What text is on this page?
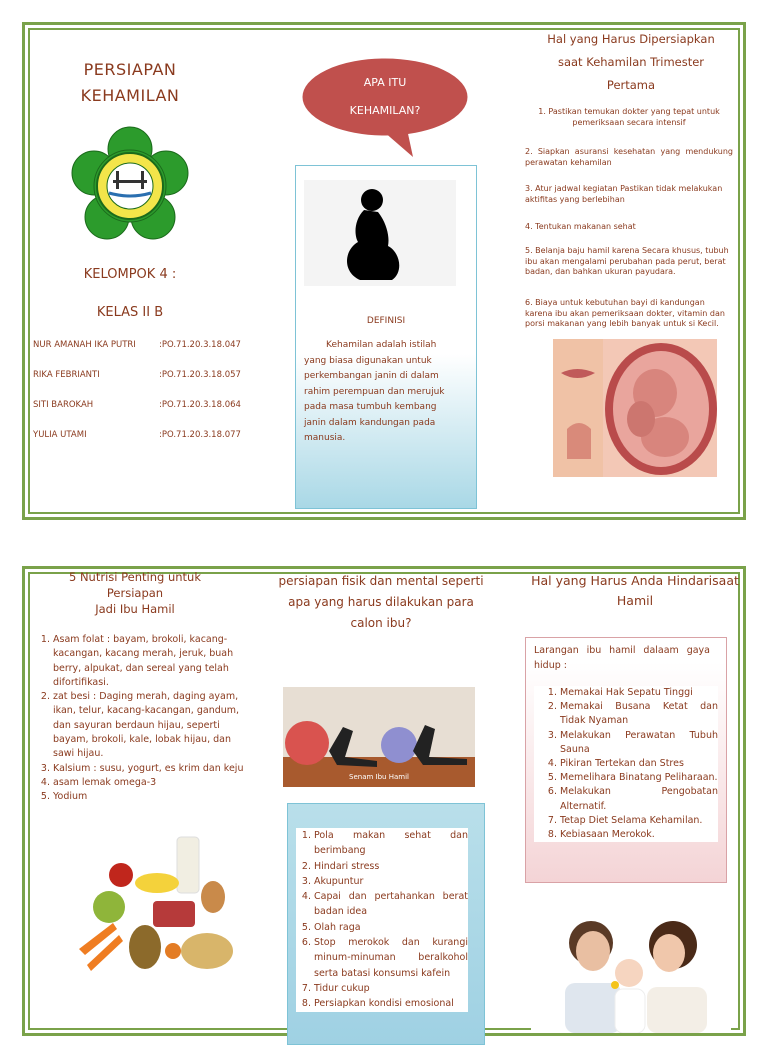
PERSIAPAN
KEHAMILAN
KELOMPOK 4 :
KELAS II B
NUR AMANAH IKA PUTRI	:PO.71.20.3.18.047
RIKA FEBRIANTI	:PO.71.20.3.18.057
SITI BAROKAH	:PO.71.20.3.18.064
YULIA UTAMI	:PO.71.20.3.18.077
APA ITU
KEHAMILAN?
DEFINISI
Kehamilan adalah istilah yang biasa digunakan untuk perkembangan janin di dalam rahim perempuan dan merujuk pada masa tumbuh kembang janin dalam kandungan pada manusia.
Hal yang Harus Dipersiapkan
saat Kehamilan Trimester
Pertama
1. Pastikan temukan dokter yang tepat untuk pemeriksaan secara intensif
2. Siapkan asuransi kesehatan yang mendukung perawatan kehamilan
3. Atur jadwal kegiatan Pastikan tidak melakukan aktifitas yang berlebihan
4. Tentukan makanan sehat
5. Belanja baju hamil karena Secara khusus, tubuh ibu akan mengalami perubahan pada perut, berat badan, dan bahkan ukuran payudara.
6. Biaya untuk kebutuhan bayi di kandungan karena ibu akan pemeriksaan dokter, vitamin dan porsi makanan yang lebih banyak untuk si Kecil.
5 Nutrisi Penting untuk
Persiapan
Jadi Ibu Hamil
1. Asam folat : bayam, brokoli, kacang-kacangan, kacang merah, jeruk, buah berry, alpukat, dan sereal yang telah difortifikasi.
2. zat besi : Daging merah, daging ayam, ikan, telur, kacang-kacangan, gandum, dan sayuran berdaun hijau, seperti bayam, brokoli, kale, lobak hijau, dan sawi hijau.
3. Kalsium : susu, yogurt, es krim dan keju
4. asam lemak omega-3
5. Yodium
persiapan fisik dan mental seperti
apa yang harus dilakukan para
calon ibu?
Senam Ibu Hamil
1. Pola makan sehat dan berimbang
2. Hindari stress
3. Akupuntur
4. Capai dan pertahankan berat badan idea
5. Olah raga
6. Stop merokok dan kurangi minum-minuman beralkohol serta batasi konsumsi kafein
7. Tidur cukup
8. Persiapkan kondisi emosional
Hal yang Harus Anda Hindarisaat
Hamil
Larangan ibu hamil dalaam gaya hidup :
1. Memakai Hak Sepatu Tinggi
2. Memakai Busana Ketat dan Tidak Nyaman
3. Melakukan Perawatan Tubuh Sauna
4. Pikiran Tertekan dan Stres
5. Memelihara Binatang Peliharaan.
6. Melakukan Pengobatan Alternatif.
7. Tetap Diet Selama Kehamilan.
8. Kebiasaan Merokok.
